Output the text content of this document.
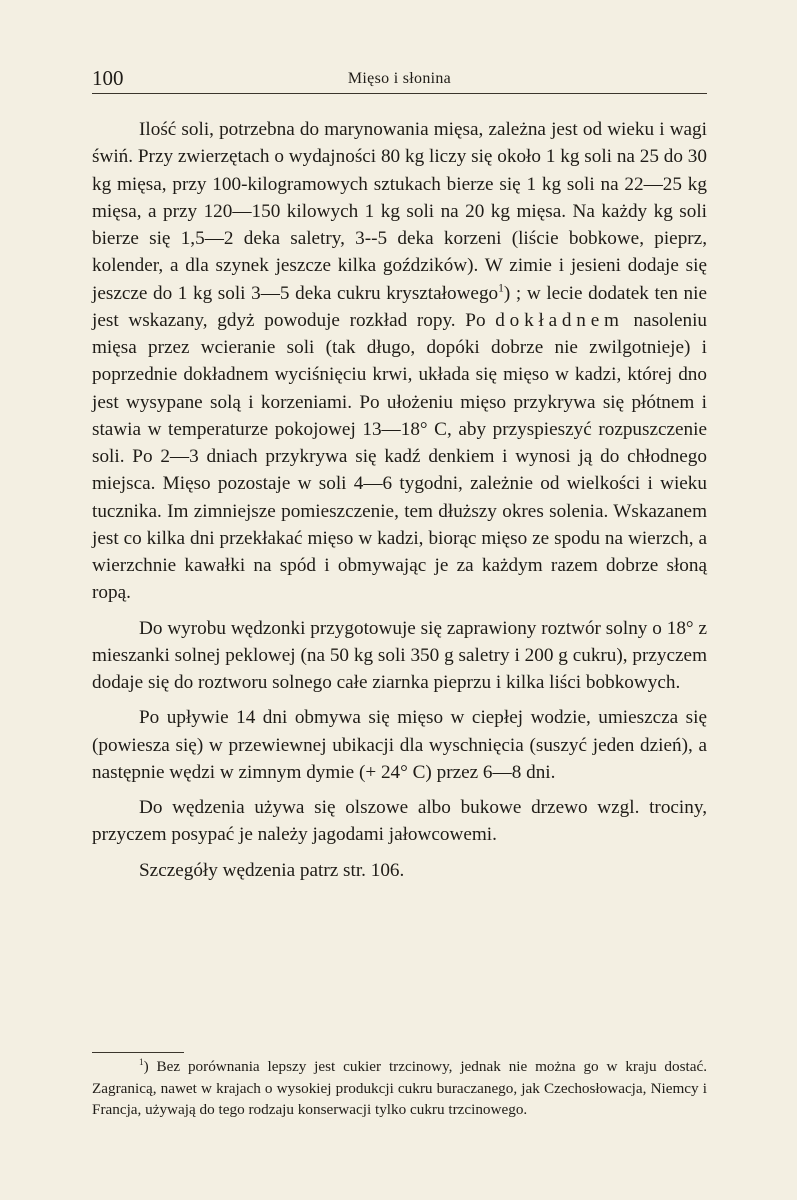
100	Mięso i słonina

Ilość soli, potrzebna do marynowania mięsa, zależna jest od wieku i wagi świń. Przy zwierzętach o wydajności 80 kg liczy się około 1 kg soli na 25 do 30 kg mięsa, przy 100-kilogramowych sztukach bierze się 1 kg soli na 22—25 kg mięsa, a przy 120—150 kilowych 1 kg soli na 20 kg mięsa. Na każdy kg soli bierze się 1,5—2 deka saletry, 3--5 deka korzeni (liście bobkowe, pieprz, kolender, a dla szynek jeszcze kilka goździków). W zimie i jesieni dodaje się jeszcze do 1 kg soli 3—5 deka cukru kryształowego$^1$) ; w lecie dodatek ten nie jest wskazany, gdyż powoduje rozkład ropy. Po dokładnem nasoleniu mięsa przez wcieranie soli (tak długo, dopóki dobrze nie zwilgotnieje) i poprzednie dokładnem wyciśnięciu krwi, układa się mięso w kadzi, której dno jest wysypane solą i korzeniami. Po ułożeniu mięso przykrywa się płótnem i stawia w temperaturze pokojowej 13—18° C, aby przyspieszyć rozpuszczenie soli. Po 2—3 dniach przykrywa się kadź denkiem i wynosi ją do chłodnego miejsca. Mięso pozostaje w soli 4—6 tygodni, zależnie od wielkości i wieku tucznika. Im zimniejsze pomieszczenie, tem dłuższy okres solenia. Wskazanem jest co kilka dni przekłakać mięso w kadzi, biorąc mięso ze spodu na wierzch, a wierzchnie kawałki na spód i obmywając je za każdym razem dobrze słoną ropą.

Do wyrobu wędzonki przygotowuje się zaprawiony roztwór solny o 18° z mieszanki solnej peklowej (na 50 kg soli 350 g saletry i 200 g cukru), przyczem dodaje się do roztworu solnego całe ziarnka pieprzu i kilka liści bobkowych.

Po upływie 14 dni obmywa się mięso w ciepłej wodzie, umieszcza się (powiesza się) w przewiewnej ubikacji dla wyschnięcia (suszyć jeden dzień), a następnie wędzi w zimnym dymie (+ 24° C) przez 6—8 dni.

Do wędzenia używa się olszowe albo bukowe drzewo wzgl. trociny, przyczem posypać je należy jagodami jałowcowemi.

Szczegóły wędzenia patrz str. 106.

$^1$) Bez porównania lepszy jest cukier trzcinowy, jednak nie można go w kraju dostać. Zagranicą, nawet w krajach o wysokiej produkcji cukru buraczanego, jak Czechosłowacja, Niemcy i Francja, używają do tego rodzaju konserwacji tylko cukru trzcinowego.
